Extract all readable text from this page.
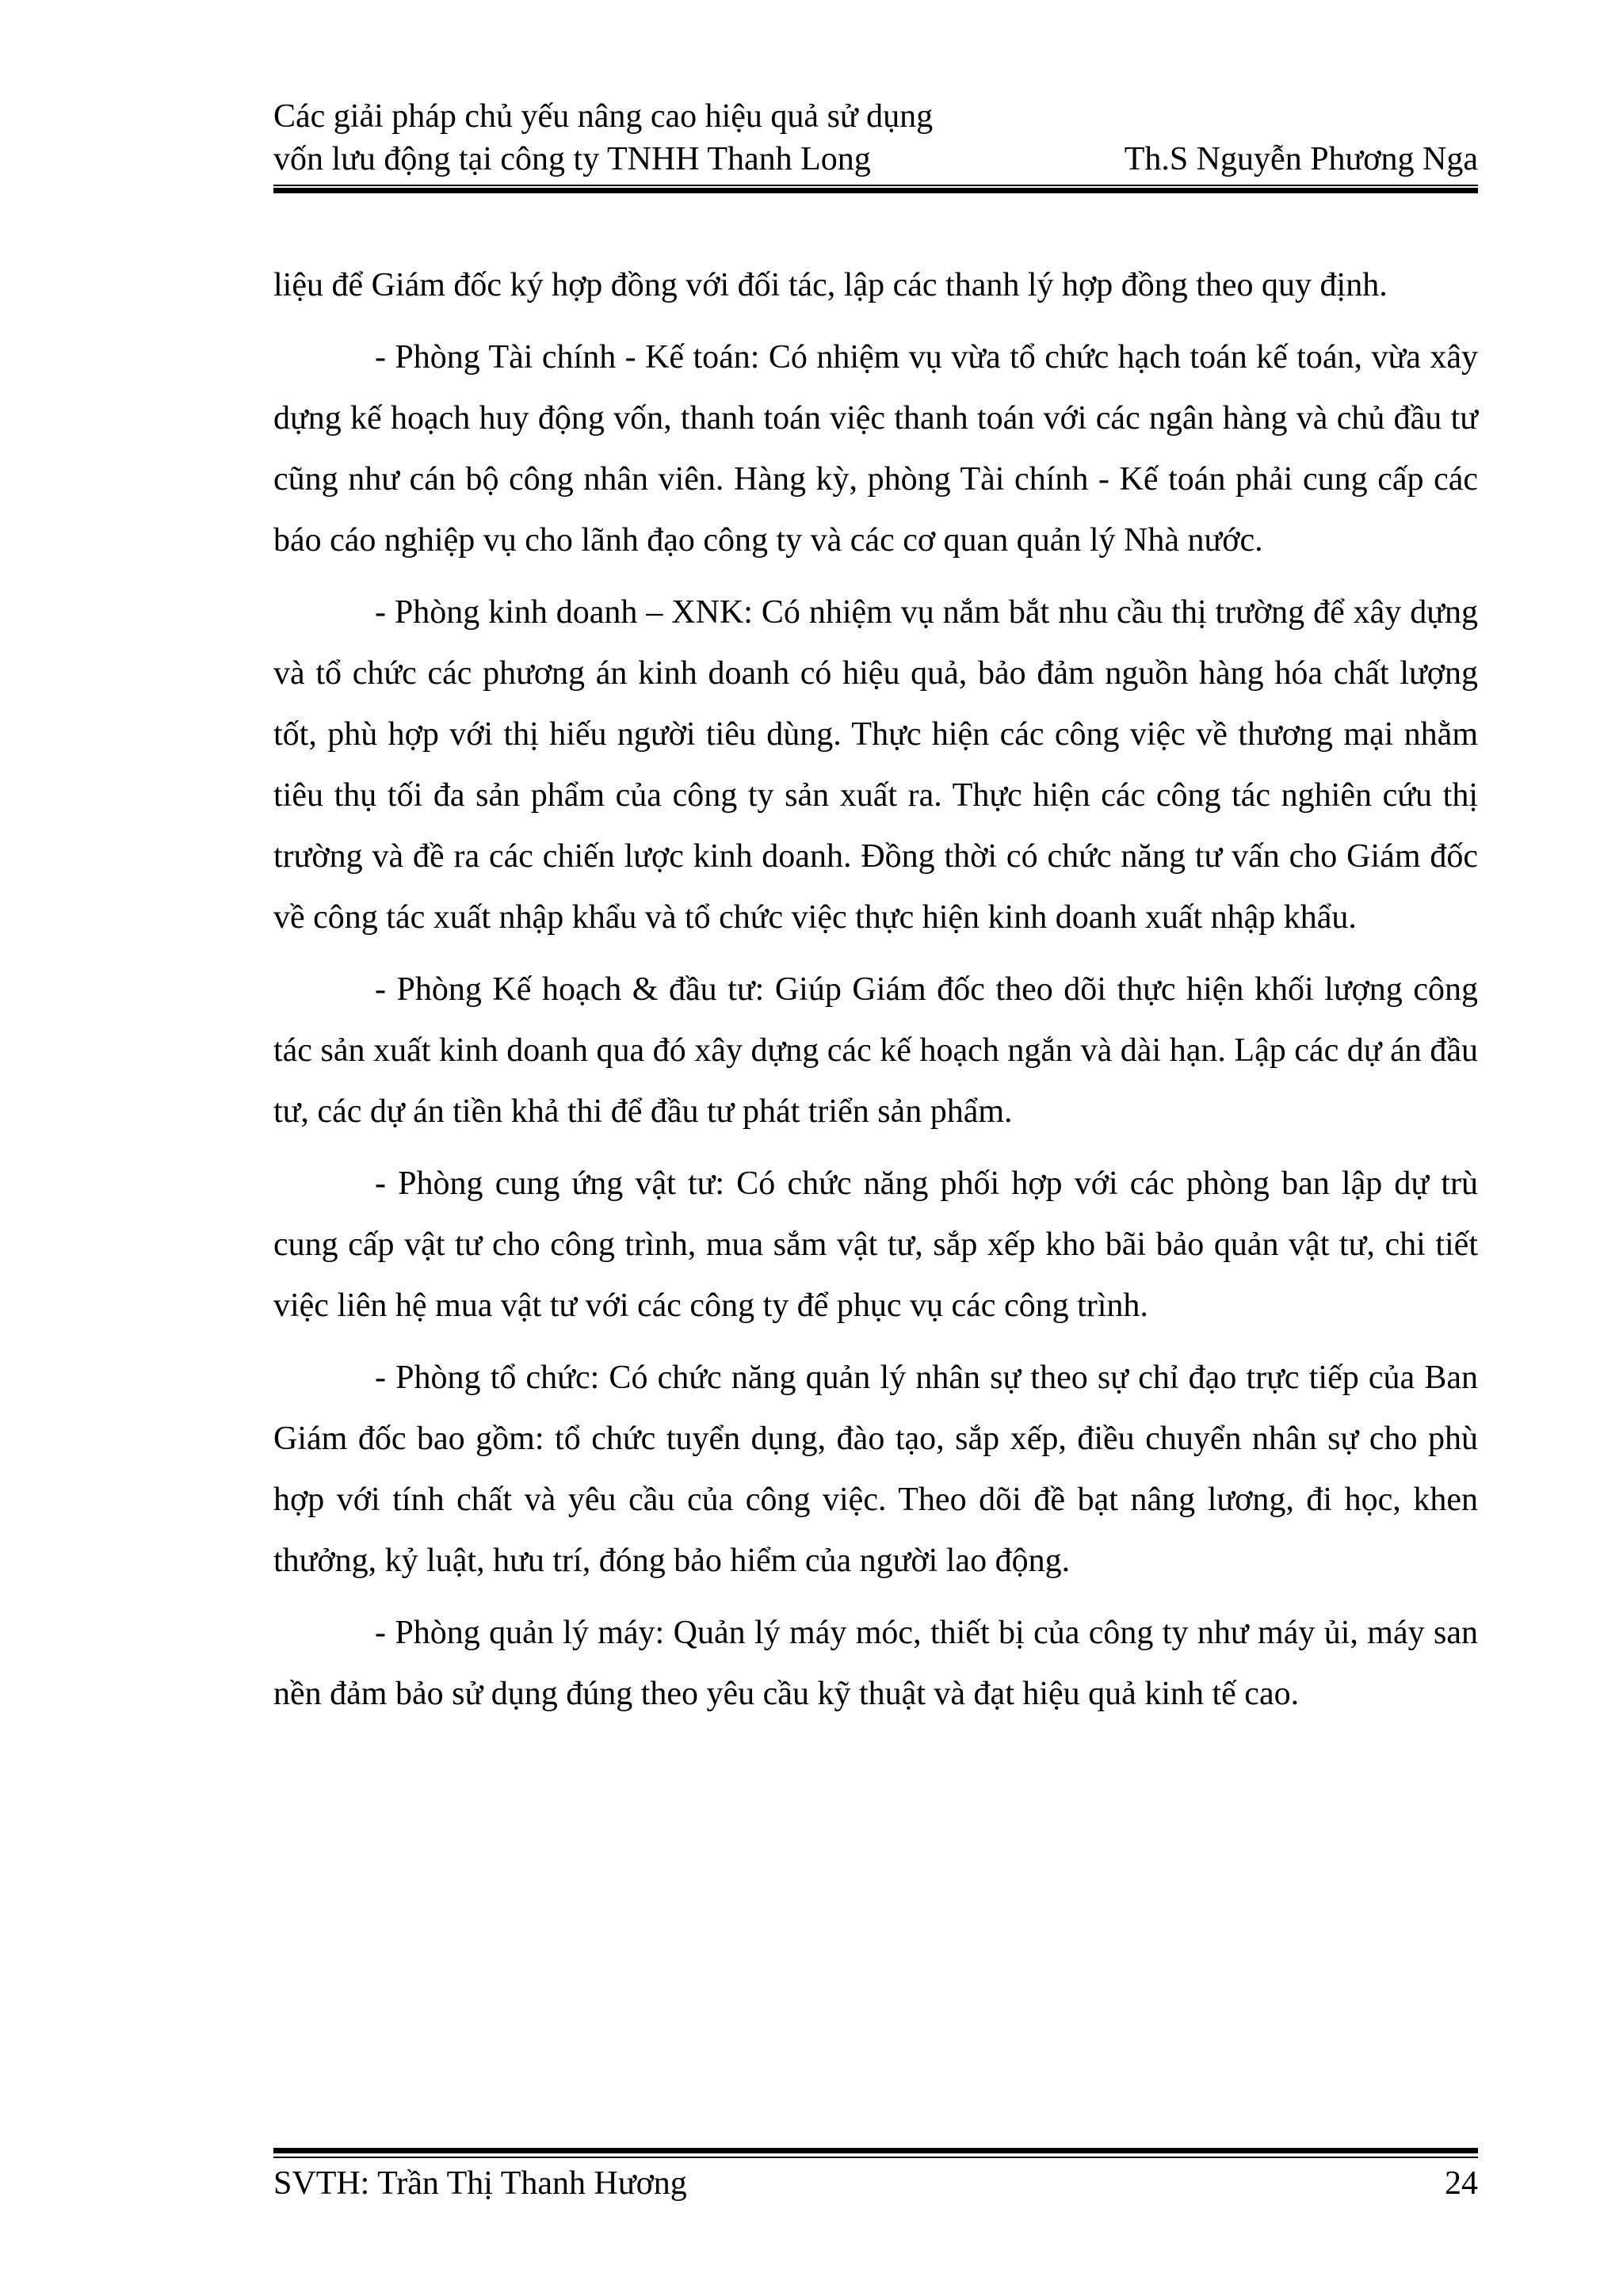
Các giải pháp chủ yếu nâng cao hiệu quả sử dụng
vốn lưu động tại công ty TNHH Thanh Long	Th.S Nguyễn Phương Nga

liệu để Giám đốc ký hợp đồng với đối tác, lập các thanh lý hợp đồng theo quy định.

- Phòng Tài chính - Kế toán: Có nhiệm vụ vừa tổ chức hạch toán kế toán, vừa xây dựng kế hoạch huy động vốn, thanh toán việc thanh toán với các ngân hàng và chủ đầu tư cũng như cán bộ công nhân viên. Hàng kỳ, phòng Tài chính - Kế toán phải cung cấp các báo cáo nghiệp vụ cho lãnh đạo công ty và các cơ quan quản lý Nhà nước.

- Phòng kinh doanh – XNK: Có nhiệm vụ nắm bắt nhu cầu thị trường để xây dựng và tổ chức các phương án kinh doanh có hiệu quả, bảo đảm nguồn hàng hóa chất lượng tốt, phù hợp với thị hiếu người tiêu dùng. Thực hiện các công việc về thương mại nhằm tiêu thụ tối đa sản phẩm của công ty sản xuất ra. Thực hiện các công tác nghiên cứu thị trường và đề ra các chiến lược kinh doanh. Đồng thời có chức năng tư vấn cho Giám đốc về công tác xuất nhập khẩu và tổ chức việc thực hiện kinh doanh xuất nhập khẩu.

- Phòng Kế hoạch & đầu tư: Giúp Giám đốc theo dõi thực hiện khối lượng công tác sản xuất kinh doanh qua đó xây dựng các kế hoạch ngắn và dài hạn. Lập các dự án đầu tư, các dự án tiền khả thi để đầu tư phát triển sản phẩm.

- Phòng cung ứng vật tư: Có chức năng phối hợp với các phòng ban lập dự trù cung cấp vật tư cho công trình, mua sắm vật tư, sắp xếp kho bãi bảo quản vật tư, chi tiết việc liên hệ mua vật tư với các công ty để phục vụ các công trình.

- Phòng tổ chức: Có chức năng quản lý nhân sự theo sự chỉ đạo trực tiếp của Ban Giám đốc bao gồm: tổ chức tuyển dụng, đào tạo, sắp xếp, điều chuyển nhân sự cho phù hợp với tính chất và yêu cầu của công việc. Theo dõi đề bạt nâng lương, đi học, khen thưởng, kỷ luật, hưu trí, đóng bảo hiểm của người lao động.

- Phòng quản lý máy: Quản lý máy móc, thiết bị của công ty như máy ủi, máy san nền đảm bảo sử dụng đúng theo yêu cầu kỹ thuật và đạt hiệu quả kinh tế cao.

SVTH: Trần Thị Thanh Hương	24
